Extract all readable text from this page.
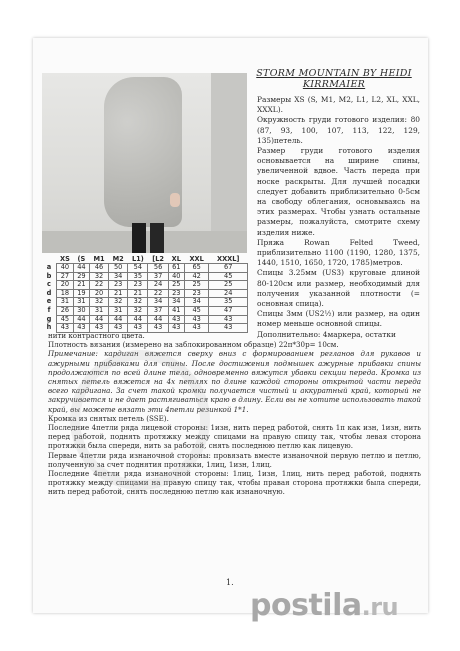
STORM MOUNTAIN BY HEIDI KIRRMAIER

Размеры XS (S, M1, M2, L1, L2, XL, XXL, XXXL).

Окружность груди готового изделия: 80 (87, 93, 100, 107, 113, 122, 129, 135)петель.

Размер груди готового изделия основывается на ширине спины, увеличенной вдвое. Часть переда при носке раскрыты. Для лучшей посадки следует добавить приблизительно 0-5см на свободу облегания, основываясь на этих размерах. Чтобы узнать остальные размеры, пожалуйста, смотрите схему изделия ниже.

Пряжа Rowan Felted Tweed, приблизительно 1100 (1190, 1280, 1375, 1440, 1510, 1650, 1720, 1785)метров.

Спицы 3.25мм (US3) круговые длиной 80-120см или размер, необходимый для получения указанной плотности (= основная спица).

Спицы 3мм (US2½) или размер, на один номер меньше основной спицы.

Дополнительно: 4маркера, остатки

	XS	(S	M1	M2	L1)	[L2	XL	XXL	XXXL]
a	40	44	46	50	54	56	61	65	67
b	27	29	32	34	35	37	40	42	45
c	20	21	22	23	23	24	25	25	25
d	18	19	20	21	21	22	23	23	24
e	31	31	32	32	32	34	34	34	35
f	26	30	31	31	32	37	41	45	47
g	45	44	44	44	44	44	43	43	43
h	43	43	43	43	43	43	43	43	43

нити контрастного цвета.

Плотность вязания (измерено на заблокированном образце) 22п*30р= 10см.

Примечание: кардиган вяжется сверху вниз с формированием регланов для рукавов и ажурными прибавками для спины. После достижения подмышек ажурные прибавки спины продолжаются по всей длине тела, одновременно вяжутся убавки секции переда. Кромка из снятых петель вяжется на 4х петлях по длине каждой стороны открытой части переда всего кардигана. За счет такой кромки получается чистый и аккуратный край, который не закручивается и не дает растягиваться краю в длину. Если вы не хотите использовать такой край, вы можете вязать эти 4петли резинкой 1*1.

Кромка из снятых петель (SSE).

Последние 4петли ряда лицевой стороны: 1изн, нить перед работой, снять 1п как изн, 1изн, нить перед работой, поднять протяжку между спицами на правую спицу так, чтобы левая сторона протяжки была спереди, нить за работой, снять последнюю петлю как лицевую.

Первые 4петли ряда изнаночной стороны: провязать вместе изнаночной первую петлю и петлю, полученную за счет поднятия протяжки, 1лиц, 1изн, 1лиц.

Последние 4петли ряда изнаночной стороны: 1лиц, 1изн, 1лиц, нить перед работой, поднять протяжку между спицами на правую спицу так, чтобы правая сторона протяжки была спереди, нить перед работой, снять последнюю петлю как изнаночную.

1.
postila.ru
